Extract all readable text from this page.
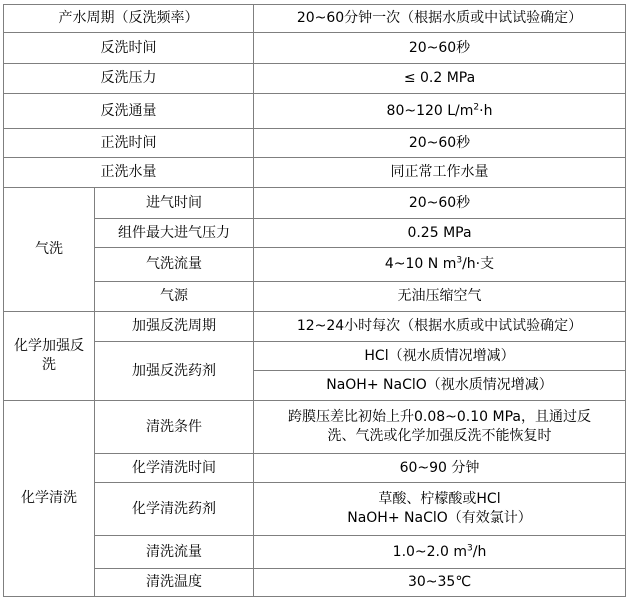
产水周期（反洗频率）		20~60分钟一次（根据水质或中试试验确定）
反洗时间		20~60秒
反洗压力		≤ 0.2 MPa
反洗通量		80~120 $L/m^2\cdot h$
正洗时间		20~60秒
正洗水量		同正常工作水量
气洗	进气时间	20~60秒
	组件最大进气压力	0.25 MPa
	气洗流量	4~10 N $m^3/h\cdot$支
	气源	无油压缩空气
化学加强反
洗	加强反洗周期	12~24小时每次（根据水质或中试试验确定）
	加强反洗药剂	HCl（视水质情况增减）
		NaOH+ NaClO（视水质情况增减）
化学清洗	清洗条件	跨膜压差比初始上升0.08~0.10 MPa，且通过反
洗、气洗或化学加强反洗不能恢复时
	化学清洗时间	60~90 分钟
	化学清洗药剂	草酸、柠檬酸或HCl
NaOH+ NaClO（有效氯计）
	清洗流量	1.0~2.0 $m^3/h$
	清洗温度	30~35℃
